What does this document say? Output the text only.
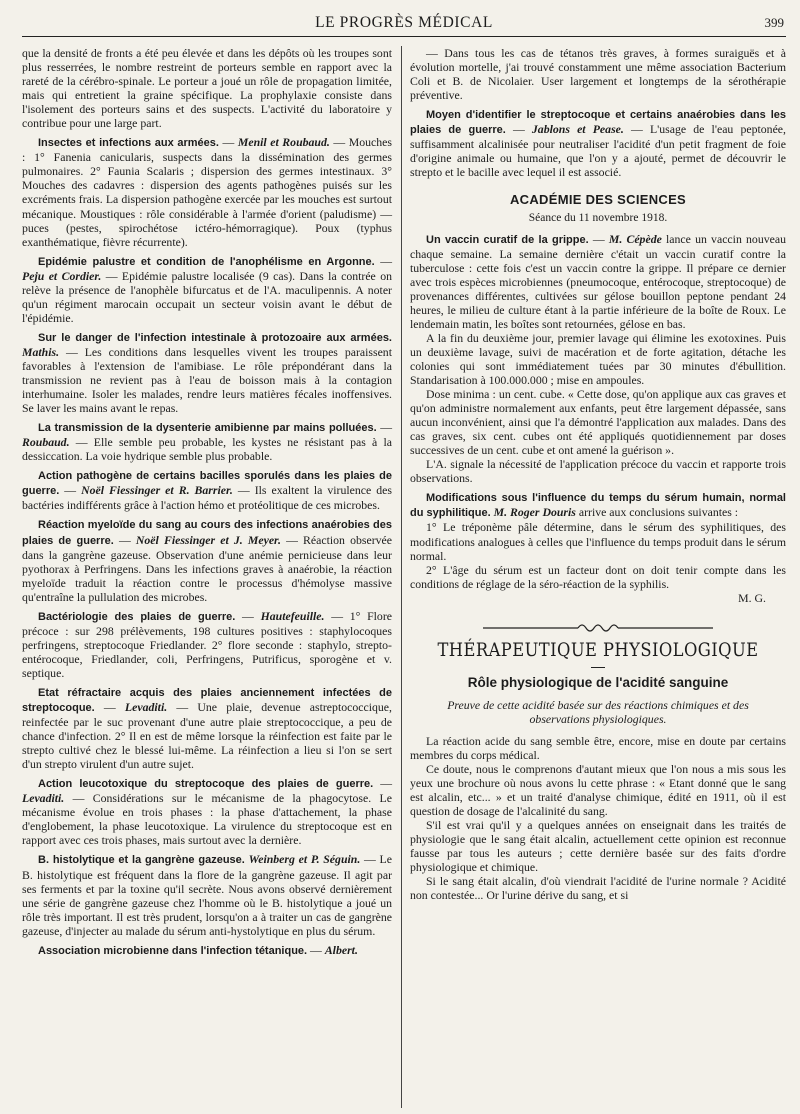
LE PROGRÈS MÉDICAL	399

que la densité de fronts a été peu élevée et dans les dépôts où les troupes sont plus resserrées, le nombre restreint de porteurs semble en rapport avec la rareté de la cérébro-spinale. Le porteur a joué un rôle de propagation limitée, mais qui entretient la graine spécifique. La prophylaxie consiste dans l'isolement des porteurs sains et des suspects. L'activité du laboratoire y contribue pour une large part.

Insectes et infections aux armées. — Menil et Roubaud. — Mouches : 1° Fanenia canicularis, suspects dans la dissémination des germes pulmonaires. 2° Faunia Scalaris ; dispersion des germes intestinaux. 3° Mouches des cadavres : dispersion des agents pathogènes puisés sur les excréments frais. La dispersion pathogène exercée par les mouches est surtout mécanique. Moustiques : rôle considérable à l'armée d'orient (paludisme) — puces (pestes, spirochétose ictéro-hémorragique). Poux (typhus exanthématique, fièvre récurrente).

Epidémie palustre et condition de l'anophélisme en Argonne. — Peju et Cordier. — Epidémie palustre localisée (9 cas). Dans la contrée on relève la présence de l'anophèle bifurcatus et de l'A. maculipennis. A noter qu'un régiment marocain occupait un secteur voisin avant le début de l'épidémie.

Sur le danger de l'infection intestinale à protozoaire aux armées. Mathis. — Les conditions dans lesquelles vivent les troupes paraissent favorables à l'extension de l'amibiase. Le rôle prépondérant dans la transmission ne revient pas à l'eau de boisson mais à la contagion interhumaine. Isoler les malades, rendre leurs matières fécales inoffensives. Se laver les mains avant le repas.

La transmission de la dysenterie amibienne par mains polluées. — Roubaud. — Elle semble peu probable, les kystes ne résistant pas à la dessiccation. La voie hydrique semble plus probable.

Action pathogène de certains bacilles sporulés dans les plaies de guerre. — Noël Fiessinger et R. Barrier. — Ils exaltent la virulence des bactéries indifférents grâce à l'action hémo et protéolitique de ces microbes.

Réaction myeloïde du sang au cours des infections anaérobies des plaies de guerre. — Noël Fiessinger et J. Meyer. — Réaction observée dans la gangrène gazeuse. Observation d'une anémie pernicieuse dans leur pyothorax à Perfringens. Dans les infections graves à anaérobie, la réaction myeloïde traduit la réaction contre le processus d'hémolyse massive qu'entraîne la pullulation des microbes.

Bactériologie des plaies de guerre. — Hautefeuille. — 1° Flore précoce : sur 298 prélèvements, 198 cultures positives : staphylocoques perfringens, streptocoque Friedlander. 2° flore seconde : staphylo, strepto-entérocoque, Friedlander, coli, Perfringens, Putrificus, sporogène et v. septique.

Etat réfractaire acquis des plaies anciennement infectées de streptocoque. — Levaditi. — Une plaie, devenue astreptococcique, reinfectée par le suc provenant d'une autre plaie streptococcique, a peu de chance d'infection. 2° Il en est de même lorsque la réinfection est faite par le strepto cultivé chez le blessé lui-même. La réinfection a lieu si l'on se sert d'un strepto virulent d'un autre sujet.

Action leucotoxique du streptocoque des plaies de guerre. — Levaditi. — Considérations sur le mécanisme de la phagocytose. Le mécanisme évolue en trois phases : la phase d'attachement, la phase d'englobement, la phase leucotoxique. La virulence du streptocoque est en rapport avec ces trois phases, mais surtout avec la dernière.

B. histolytique et la gangrène gazeuse. Weinberg et P. Séguin. — Le B. histolytique est fréquent dans la flore de la gangrène gazeuse. Il agit par ses ferments et par la toxine qu'il secrète. Nous avons observé dernièrement une série de gangrène gazeuse chez l'homme où le B. histolytique a joué un rôle très important. Il est très prudent, lorsqu'on a à traiter un cas de gangrène gazeuse, d'injecter au malade du sérum anti-hystolytique en plus du sérum.

Association microbienne dans l'infection tétanique. — Albert.

— Dans tous les cas de tétanos très graves, à formes suraiguës et à évolution mortelle, j'ai trouvé constamment une même association Bacterium Coli et B. de Nicolaier. User largement et longtemps de la sérothérapie préventive.

Moyen d'identifier le streptocoque et certains anaérobies dans les plaies de guerre. — Jablons et Pease. — L'usage de l'eau peptonée, suffisamment alcalinisée pour neutraliser l'acidité d'un petit fragment de foie d'origine animale ou humaine, que l'on y a ajouté, permet de découvrir le strepto et le bacille avec lequel il est associé.

ACADÉMIE DES SCIENCES
Séance du 11 novembre 1918.

Un vaccin curatif de la grippe. — M. Cépède lance un vaccin nouveau chaque semaine. La semaine dernière c'était un vaccin curatif contre la tuberculose : cette fois c'est un vaccin contre la grippe. Il prépare ce dernier avec trois espèces microbiennes (pneumocoque, entérocoque, streptocoque) de provenances différentes, cultivées sur gélose bouillon peptone pendant 24 heures, le milieu de culture étant à la partie inférieure de la boîte de Roux. Le lendemain matin, les boîtes sont retournées, gélose en bas.

A la fin du deuxième jour, premier lavage qui élimine les exotoxines. Puis un deuxième lavage, suivi de macération et de forte agitation, détache les colonies qui sont immédiatement tuées par 30 minutes d'ébullition. Standarisation à 100.000.000 ; mise en ampoules.

Dose minima : un cent. cube. « Cette dose, qu'on applique aux cas graves et qu'on administre normalement aux enfants, peut être largement dépassée, sans aucun inconvénient, ainsi que l'a démontré l'application aux malades. Dans des cas graves, six cent. cubes ont été appliqués quotidiennement par doses successives de un cent. cube et ont amené la guérison ».

L'A. signale la nécessité de l'application précoce du vaccin et rapporte trois observations.

Modifications sous l'influence du temps du sérum humain, normal du syphilitique. M. Roger Douris arrive aux conclusions suivantes :

1° Le tréponème pâle détermine, dans le sérum des syphilitiques, des modifications analogues à celles que l'influence du temps produit dans le sérum normal.

2° L'âge du sérum est un facteur dont on doit tenir compte dans les conditions de réglage de la séro-réaction de la syphilis.

M. G.

THÉRAPEUTIQUE PHYSIOLOGIQUE
Rôle physiologique de l'acidité sanguine

Preuve de cette acidité basée sur des réactions chimiques et des observations physiologiques.

La réaction acide du sang semble être, encore, mise en doute par certains membres du corps médical.

Ce doute, nous le comprenons d'autant mieux que l'on nous a mis sous les yeux une brochure où nous avons lu cette phrase : « Etant donné que le sang est alcalin, etc... » et un traité d'analyse chimique, édité en 1911, où il est question de dosage de l'alcalinité du sang.

S'il est vrai qu'il y a quelques années on enseignait dans les traités de physiologie que le sang était alcalin, actuellement cette opinion est reconnue fausse par tous les auteurs ; cette dernière basée sur des faits d'ordre physiologique et chimique.

Si le sang était alcalin, d'où viendrait l'acidité de l'urine normale ? Acidité non contestée... Or l'urine dérive du sang, et si
